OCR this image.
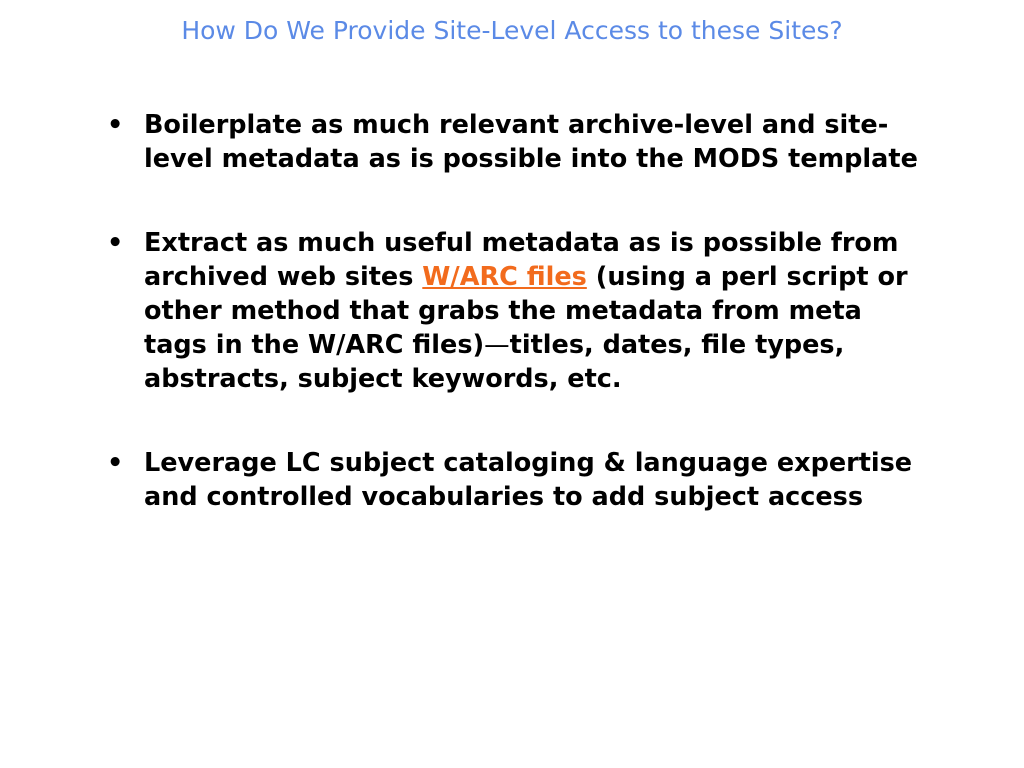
How Do We Provide Site-Level Access to these Sites?
• Boilerplate as much relevant archive-level and site-level metadata as is possible into the MODS template
• Extract as much useful metadata as is possible from archived web sites W/ARC files (using a perl script or other method that grabs the metadata from meta tags in the W/ARC files)—titles, dates, file types, abstracts, subject keywords, etc.
• Leverage LC subject cataloging & language expertise and controlled vocabularies to add subject access
